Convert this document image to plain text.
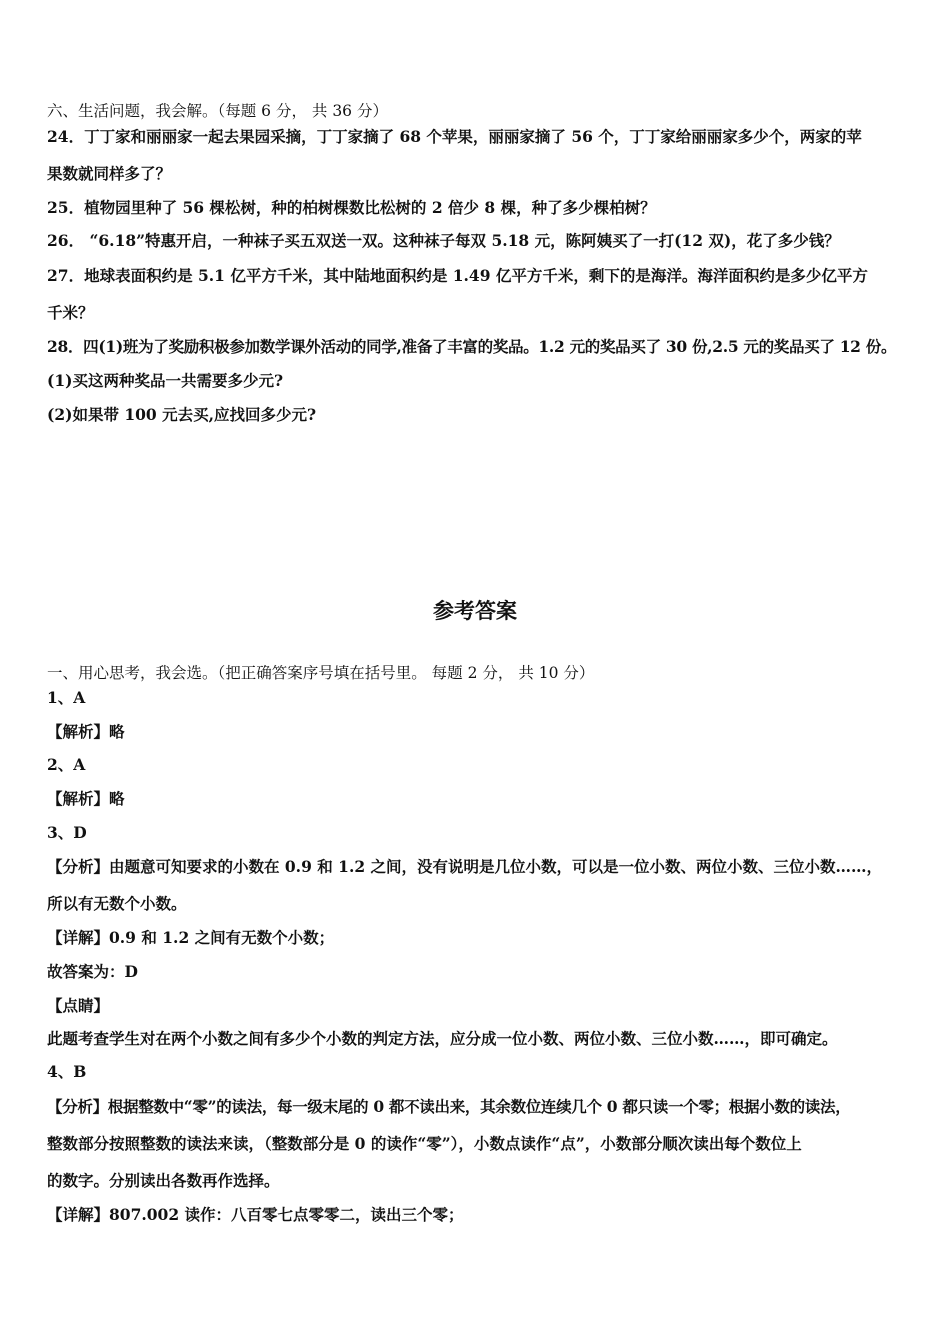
六、生活问题，我会解。（每题 6 分， 共 36 分）
24．丁丁家和丽丽家一起去果园采摘，丁丁家摘了 68 个苹果，丽丽家摘了 56 个，丁丁家给丽丽家多少个，两家的苹
果数就同样多了？
25．植物园里种了 56 棵松树，种的柏树棵数比松树的 2 倍少 8 棵，种了多少棵柏树？
26． “6.18”特惠开启，一种袜子买五双送一双。这种袜子每双 5.18 元，陈阿姨买了一打(12 双)，花了多少钱？
27．地球表面积约是 5.1 亿平方千米，其中陆地面积约是 1.49 亿平方千米，剩下的是海洋。海洋面积约是多少亿平方
千米？
28．四(1)班为了奖励积极参加数学课外活动的同学,准备了丰富的奖品。1.2 元的奖品买了 30 份,2.5 元的奖品买了 12 份。
(1)买这两种奖品一共需要多少元?
(2)如果带 100 元去买,应找回多少元?
参考答案
一、用心思考，我会选。（把正确答案序号填在括号里。 每题 2 分， 共 10 分）
1、A
【解析】略
2、A
【解析】略
3、D
【分析】由题意可知要求的小数在 0.9 和 1.2 之间，没有说明是几位小数，可以是一位小数、两位小数、三位小数……，
所以有无数个小数。
【详解】0.9 和 1.2 之间有无数个小数；
故答案为：D
【点睛】
此题考查学生对在两个小数之间有多少个小数的判定方法，应分成一位小数、两位小数、三位小数……，即可确定。
4、B
【分析】根据整数中“零”的读法，每一级末尾的 0 都不读出来，其余数位连续几个 0 都只读一个零；根据小数的读法，
整数部分按照整数的读法来读，（整数部分是 0 的读作“零”），小数点读作“点”，小数部分顺次读出每个数位上
的数字。分别读出各数再作选择。
【详解】807.002 读作：八百零七点零零二，读出三个零；
